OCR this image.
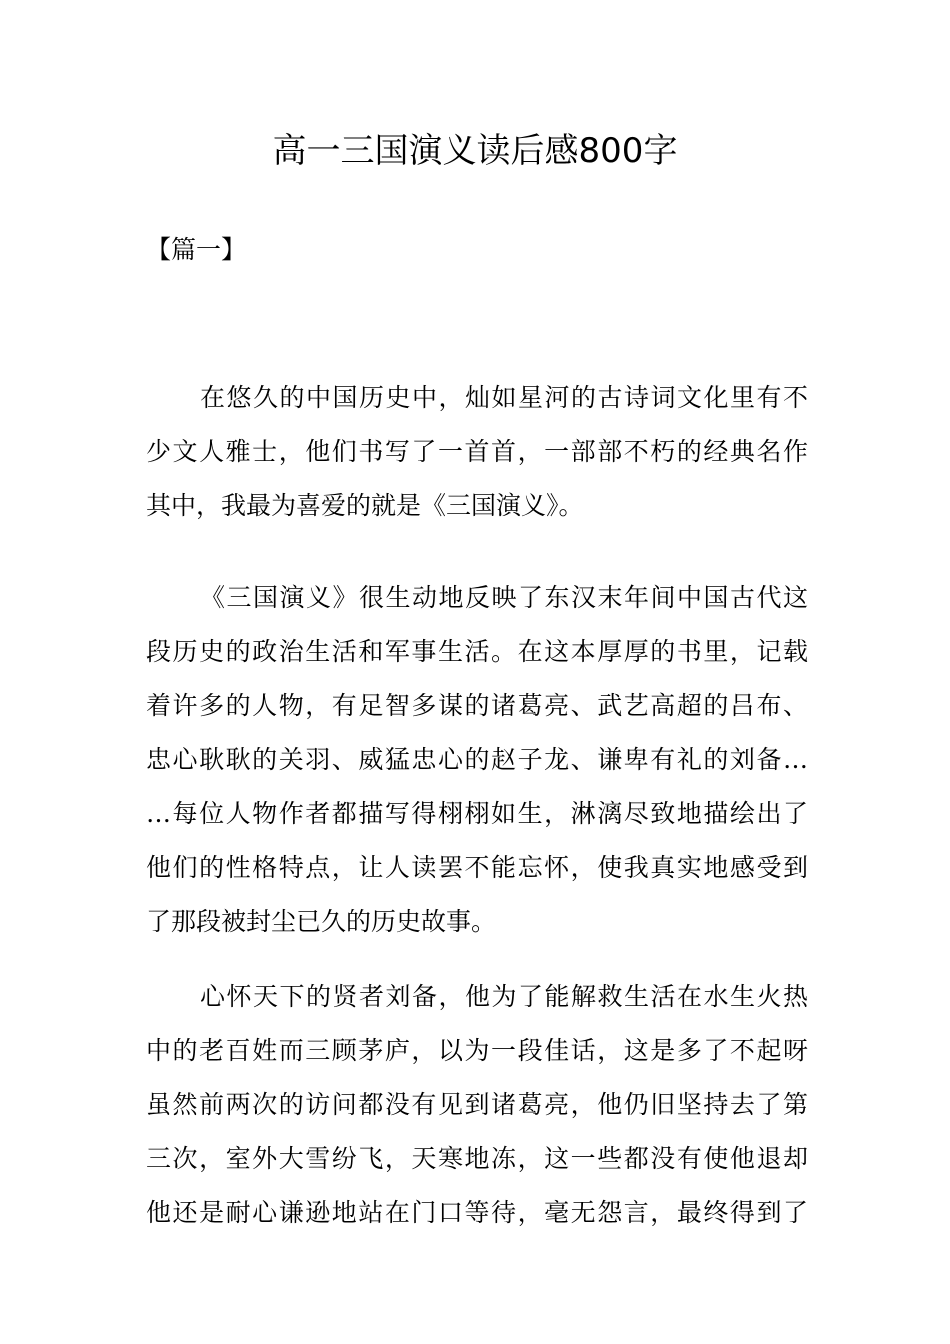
高一三国演义读后感800字
【篇一】
在悠久的中国历史中，灿如星河的古诗词文化里有不
少文人雅士，他们书写了一首首，一部部不朽的经典名作
其中，我最为喜爱的就是《三国演义》。
《三国演义》很生动地反映了东汉末年间中国古代这
段历史的政治生活和军事生活。在这本厚厚的书里，记载
着许多的人物，有足智多谋的诸葛亮、武艺高超的吕布、
忠心耿耿的关羽、威猛忠心的赵子龙、谦卑有礼的刘备…
…每位人物作者都描写得栩栩如生，淋漓尽致地描绘出了
他们的性格特点，让人读罢不能忘怀，使我真实地感受到
了那段被封尘已久的历史故事。
心怀天下的贤者刘备，他为了能解救生活在水生火热
中的老百姓而三顾茅庐，以为一段佳话，这是多了不起呀
虽然前两次的访问都没有见到诸葛亮，他仍旧坚持去了第
三次，室外大雪纷飞，天寒地冻，这一些都没有使他退却
他还是耐心谦逊地站在门口等待，毫无怨言，最终得到了
